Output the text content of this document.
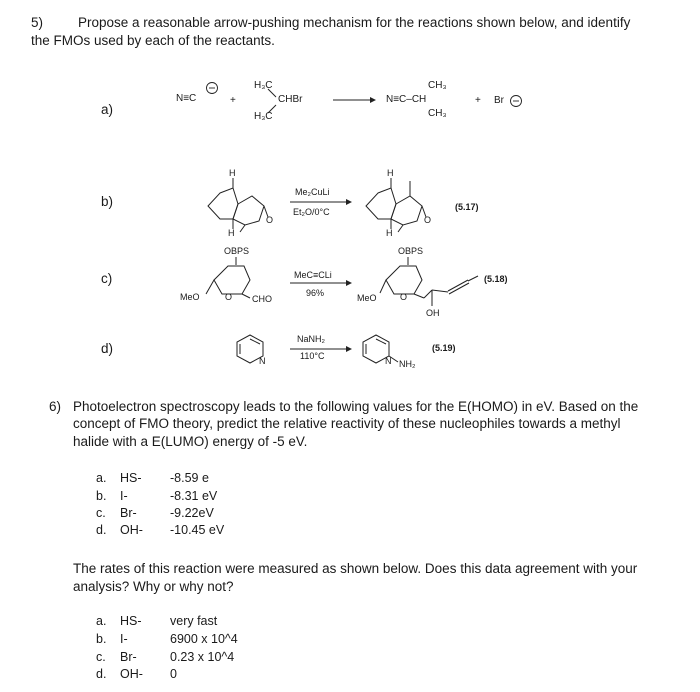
5)	Propose a reasonable arrow-pushing mechanism for the reactions shown below, and identify
the FMOs used by each of the reactants.
a)
N≡C	+
H₃C
CHBr
H₃C
CH₃
N≡C–CH
CH₃
+ Br
b)
H
H
O
Me₂CuLi
Et₂O/0°C
H
H
O
(5.17)
c)
OBPS
MeO	O CHO
MeC≡CLi
96%
OBPS
MeO	O
OH
(5.18)
d)
N
NaNH₂
110°C	N NH₂
(5.19)
6) Photoelectron spectroscopy leads to the following values for the E(HOMO) in eV. Based on the
concept of FMO theory, predict the relative reactivity of these nucleophiles towards a methyl
halide with a E(LUMO) energy of -5 eV.
a. HS- -8.59 e
b. I-	-8.31 eV
c. Br-	-9.22eV
d. OH- -10.45 eV
The rates of this reaction were measured as shown below. Does this data agreement with your
analysis? Why or why not?
a. HS- very fast
b. I-	6900 x 10^4
c. Br-	0.23 x 10^4
d. OH- 0
